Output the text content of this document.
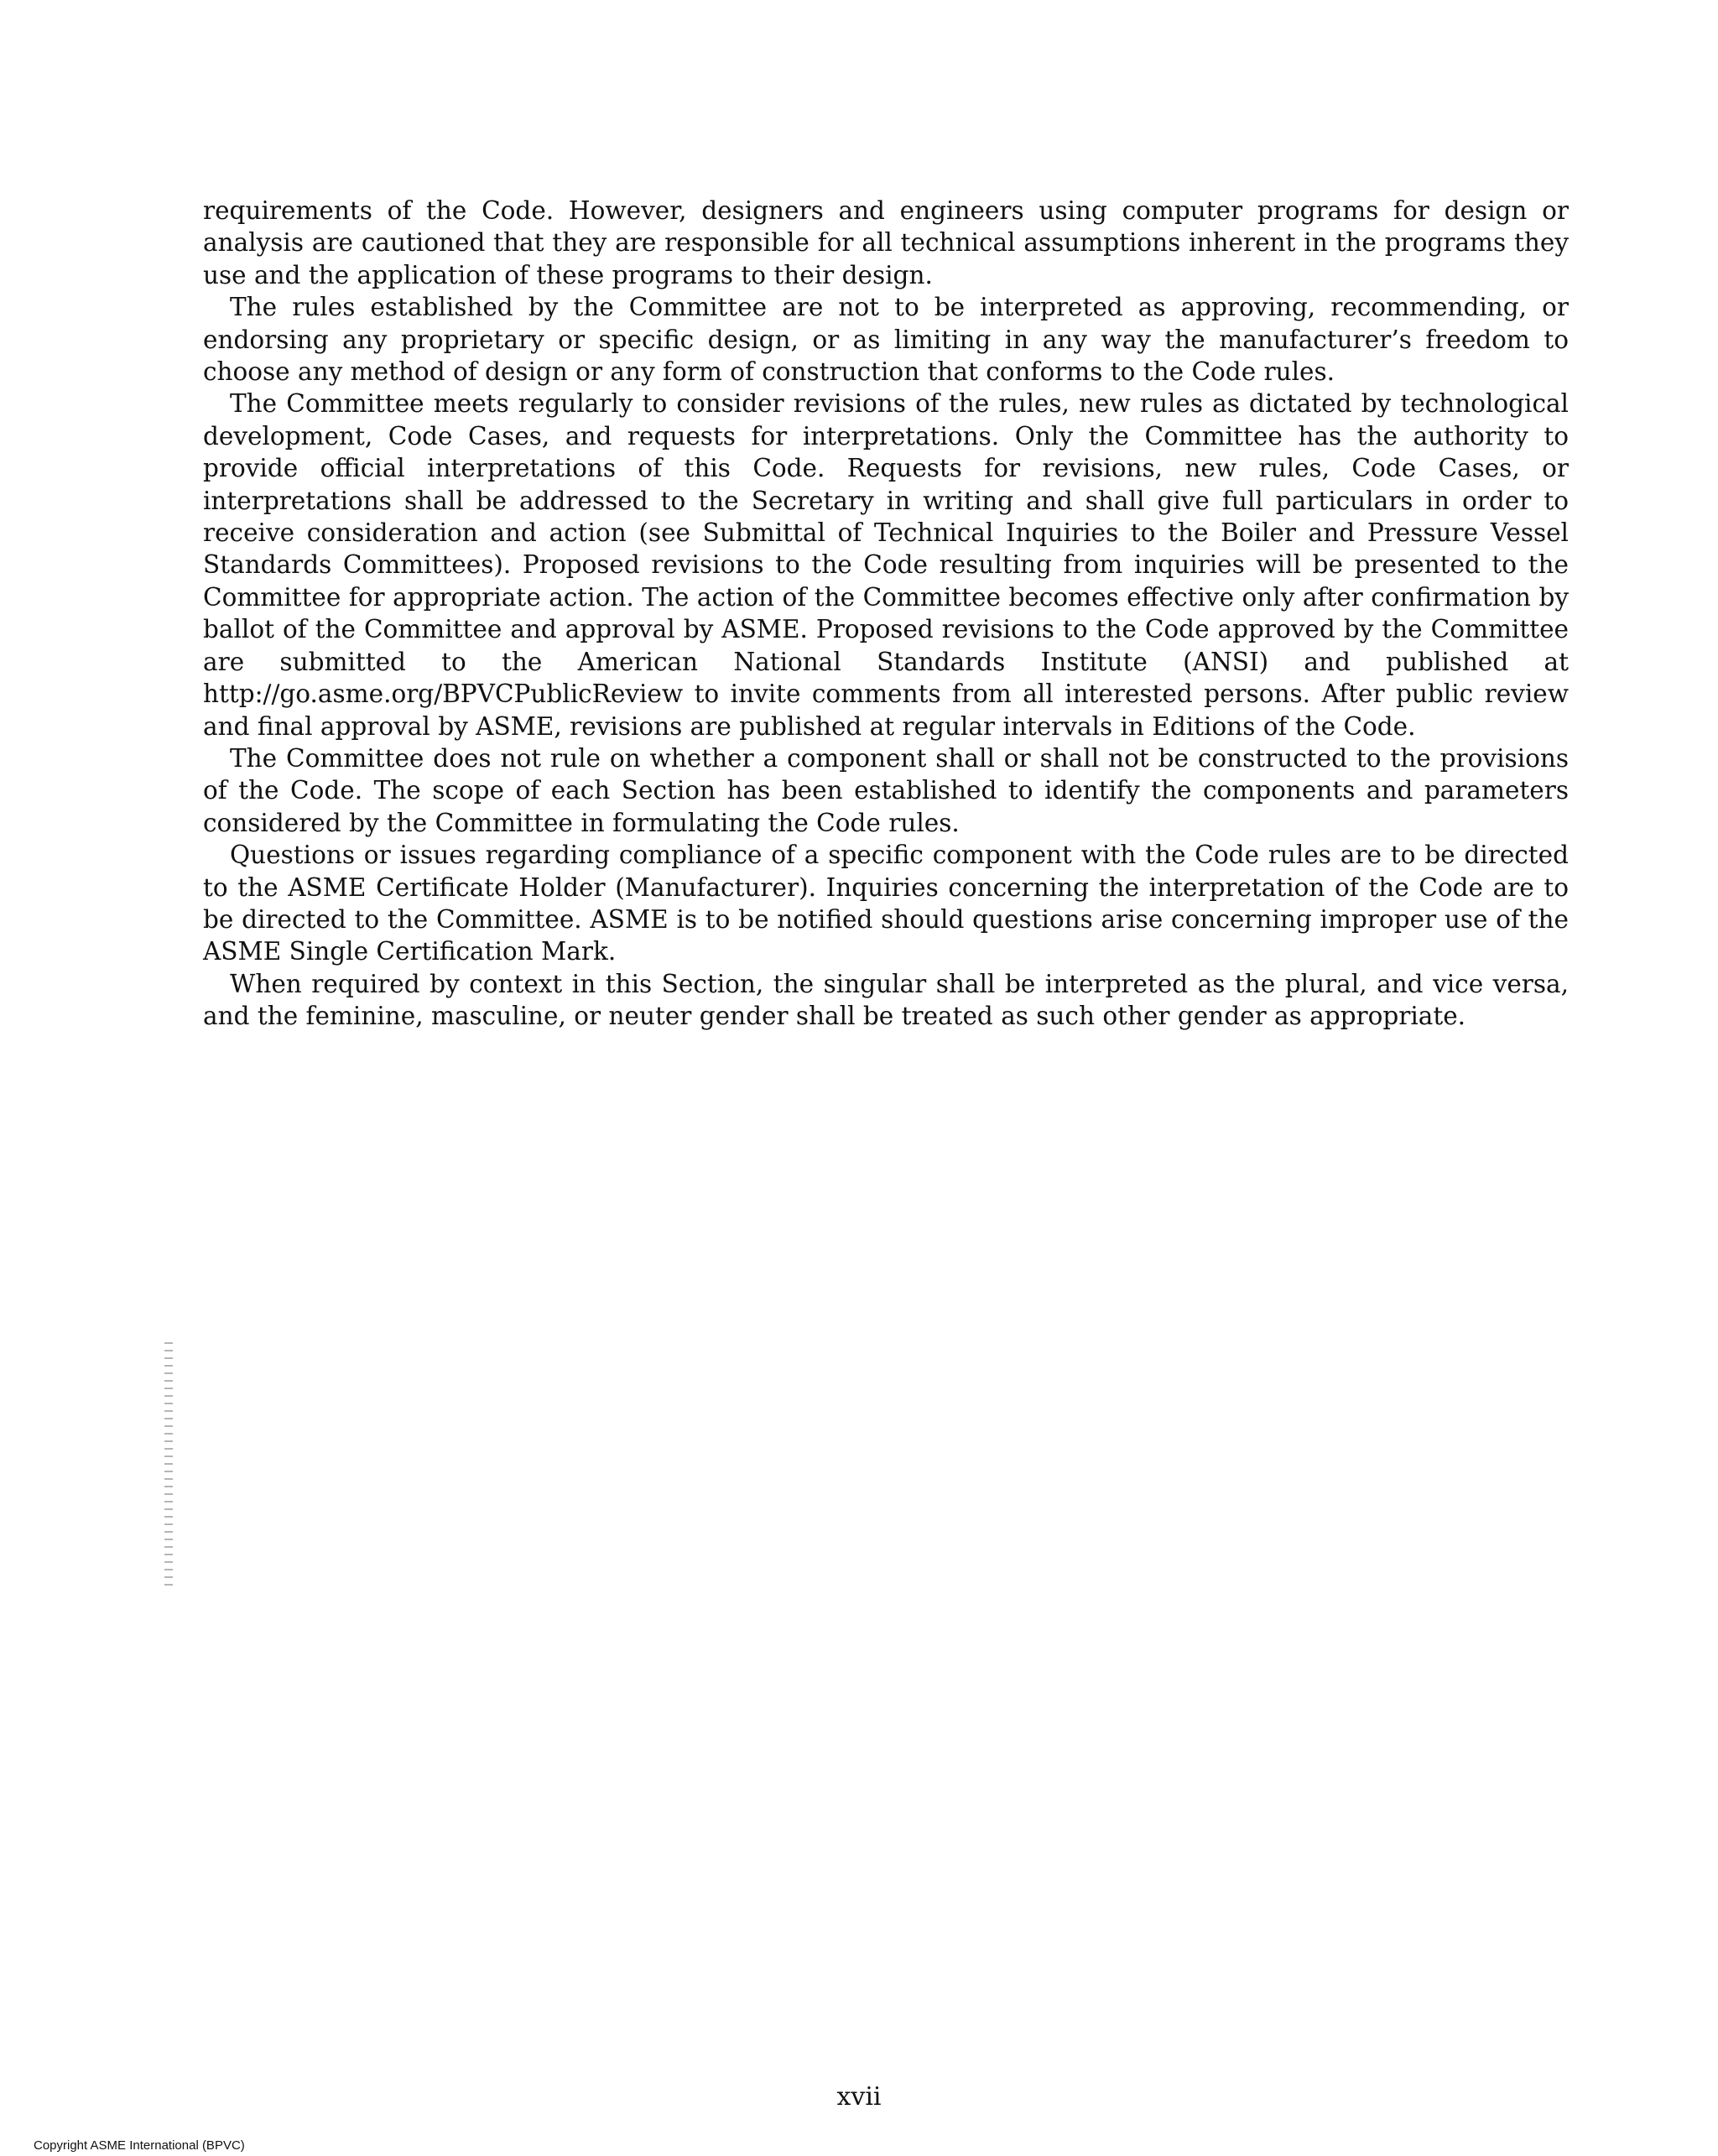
requirements of the Code. However, designers and engineers using computer programs for design or analysis are cautioned that they are responsible for all technical assumptions inherent in the programs they use and the application of these programs to their design.

The rules established by the Committee are not to be interpreted as approving, recommending, or endorsing any proprietary or specific design, or as limiting in any way the manufacturer’s freedom to choose any method of design or any form of construction that conforms to the Code rules.

The Committee meets regularly to consider revisions of the rules, new rules as dictated by technological development, Code Cases, and requests for interpretations. Only the Committee has the authority to provide official interpretations of this Code. Requests for revisions, new rules, Code Cases, or interpretations shall be addressed to the Secretary in writing and shall give full particulars in order to receive consideration and action (see Submittal of Technical Inquiries to the Boiler and Pressure Vessel Standards Committees). Proposed revisions to the Code resulting from inquiries will be presented to the Committee for appropriate action. The action of the Committee becomes effective only after confirmation by ballot of the Committee and approval by ASME. Proposed revisions to the Code approved by the Committee are submitted to the American National Standards Institute (ANSI) and published at http://go.asme.org/BPVCPublicReview to invite comments from all interested persons. After public review and final approval by ASME, revisions are published at regular intervals in Editions of the Code.

The Committee does not rule on whether a component shall or shall not be constructed to the provisions of the Code. The scope of each Section has been established to identify the components and parameters considered by the Committee in formulating the Code rules.

Questions or issues regarding compliance of a specific component with the Code rules are to be directed to the ASME Certificate Holder (Manufacturer). Inquiries concerning the interpretation of the Code are to be directed to the Committee. ASME is to be notified should questions arise concerning improper use of the ASME Single Certification Mark.

When required by context in this Section, the singular shall be interpreted as the plural, and vice versa, and the feminine, masculine, or neuter gender shall be treated as such other gender as appropriate.

xvii
Copyright ASME International (BPVC)
